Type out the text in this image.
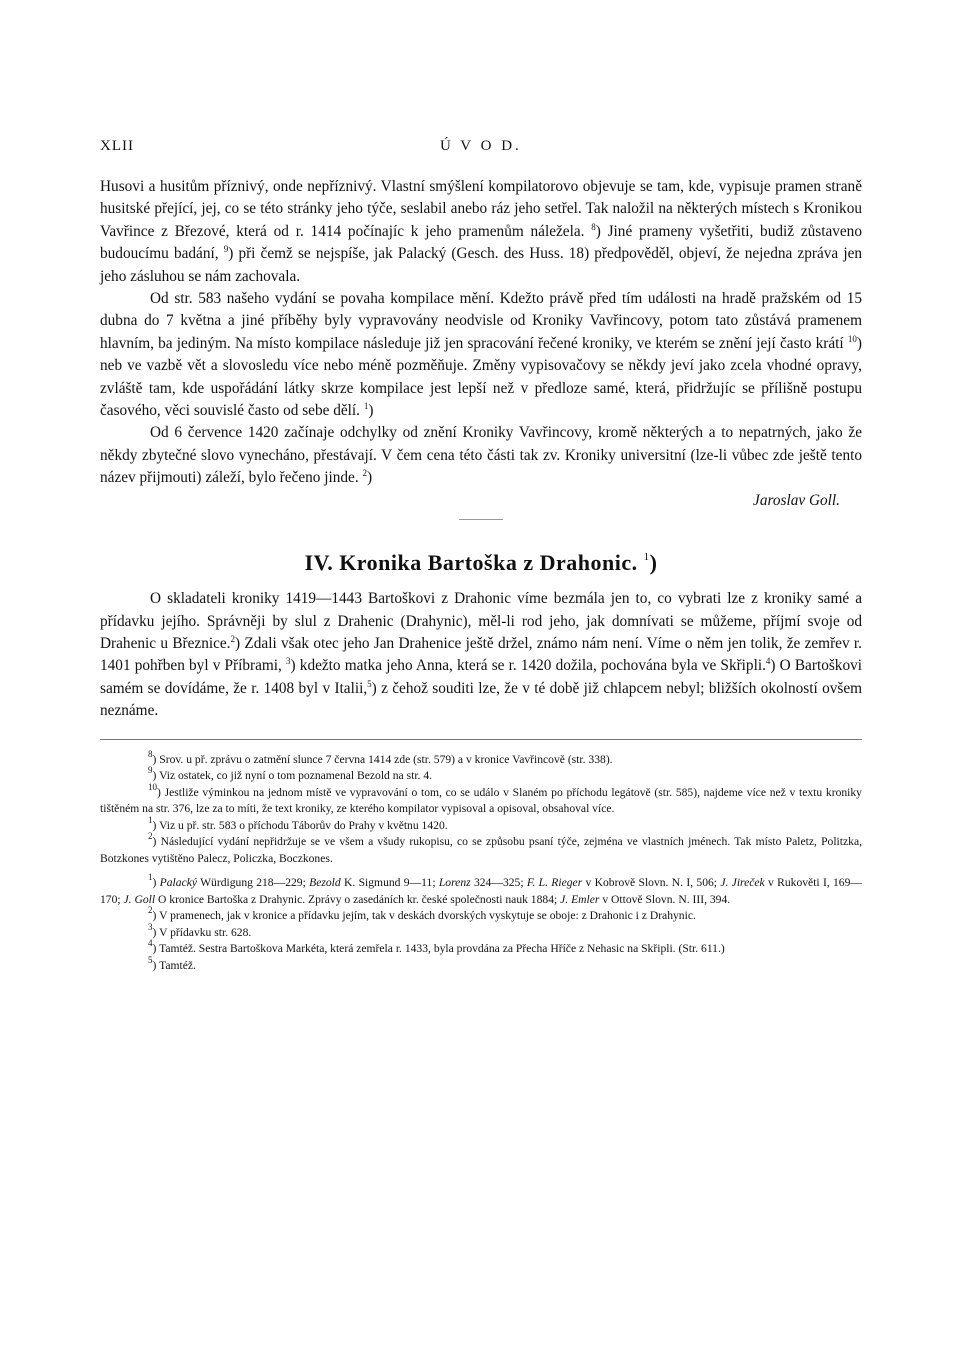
XLII	Ú V O D.

Husovi a husitům příznivý, onde nepříznivý. Vlastní smýšlení kompilatorovo objevuje se tam, kde, vypisuje pramen straně husitské přející, jej, co se této stránky jeho týče, seslabil anebo ráz jeho setřel. Tak naložil na některých místech s Kronikou Vavřince z Březové, která od r. 1414 počínajíc k jeho pramenům náležela. $^8$) Jiné prameny vyšetřiti, budiž zůstaveno budoucímu badání, $^9$) při čemž se nejspíše, jak Palacký (Gesch. des Huss. 18) předpověděl, objeví, že nejedna zpráva jen jeho zásluhou se nám zachovala.

Od str. 583 našeho vydání se povaha kompilace mění. Kdežto právě před tím události na hradě pražském od 15 dubna do 7 května a jiné příběhy byly vypravovány neodvisle od Kroniky Vavřincovy, potom tato zůstává pramenem hlavním, ba jediným. Na místo kompilace následuje již jen spracování řečené kroniky, ve kterém se znění její často krátí $^{10}$) neb ve vazbě vět a slovosledu více nebo méně pozměňuje. Změny vypisovačovy se někdy jeví jako zcela vhodné opravy, zvláště tam, kde uspořádání látky skrze kompilace jest lepší než v předloze samé, která, přidržujíc se přílišně postupu časového, věci souvislé často od sebe dělí. $^1$)

Od 6 července 1420 začínaje odchylky od znění Kroniky Vavřincovy, kromě některých a to nepatrných, jako že někdy zbytečné slovo vynecháno, přestávají. V čem cena této části tak zv. Kroniky universitní (lze-li vůbec zde ještě tento název přijmouti) záleží, bylo řečeno jinde. $^2$)

Jaroslav Goll.

IV. Kronika Bartoška z Drahonic. $^1$)

O skladateli kroniky 1419—1443 Bartoškovi z Drahonic víme bezmála jen to, co vybrati lze z kroniky samé a přídavku jejího. Správněji by slul z Drahenic (Drahynic), měl-li rod jeho, jak domnívati se můžeme, příjmí svoje od Drahenic u Březnice.$^2$) Zdali však otec jeho Jan Drahenice ještě držel, známo nám není. Víme o něm jen tolik, že zemřev r. 1401 pohřben byl v Příbrami, $^3$) kdežto matka jeho Anna, která se r. 1420 dožila, pochována byla ve Skřipli.$^4$) O Bartoškovi samém se dovídáme, že r. 1408 byl v Italii,$^5$) z čehož souditi lze, že v té době již chlapcem nebyl; bližších okolností ovšem neznáme.

$^8$) Srov. u př. zprávu o zatmění slunce 7 června 1414 zde (str. 579) a v kronice Vavřincově (str. 338).

$^9$) Viz ostatek, co již nyní o tom poznamenal Bezold na str. 4.

$^{10}$) Jestliže výminkou na jednom místě ve vypravování o tom, co se událo v Slaném po příchodu legátově (str. 585), najdeme více než v textu kroniky tištěném na str. 376, lze za to míti, že text kroniky, ze kterého kompilator vypisoval a opisoval, obsahoval více.

$^1$) Viz u př. str. 583 o příchodu Táborův do Prahy v květnu 1420.

$^2$) Následující vydání nepřidržuje se ve všem a všudy rukopisu, co se způsobu psaní týče, zejména ve vlastních jménech. Tak místo Paletz, Politzka, Botzkones vytištěno Palecz, Policzka, Boczkones.

$^1$) Palacký Würdigung 218—229; Bezold K. Sigmund 9—11; Lorenz 324—325; F. L. Rieger v Kobrově Slovn. N. I, 506; J. Jireček v Rukověti I, 169—170; J. Goll O kronice Bartoška z Drahynic. Zprávy o zasedáních kr. české společnosti nauk 1884; J. Emler v Ottově Slovn. N. III, 394.

$^2$) V pramenech, jak v kronice a přídavku jejím, tak v deskách dvorských vyskytuje se oboje: z Drahonic i z Drahynic.

$^3$) V přídavku str. 628.

$^4$) Tamtéž. Sestra Bartoškova Markéta, která zemřela r. 1433, byla provdána za Přecha Hříče z Nehasic na Skřipli. (Str. 611.)

$^5$) Tamtéž.
